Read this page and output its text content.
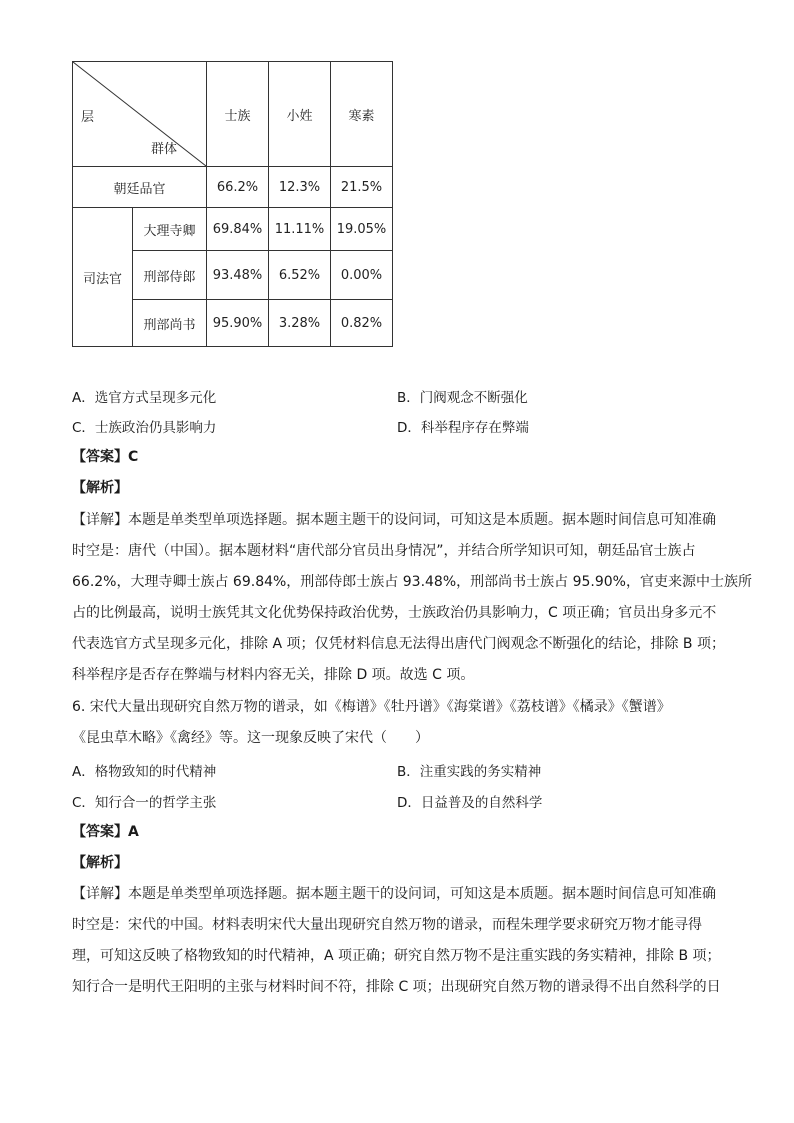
层
群体		士族	小姓	寒素
朝廷品官		66.2%	12.3%	21.5%
司法官	大理寺卿	69.84%	11.11%	19.05%
	刑部侍郎	93.48%	6.52%	0.00%
	刑部尚书	95.90%	3.28%	0.82%
A．选官方式呈现多元化	B．门阀观念不断强化
C．士族政治仍具影响力	D．科举程序存在弊端
【答案】C
【解析】
【详解】本题是单类型单项选择题。据本题主题干的设问词，可知这是本质题。据本题时间信息可知准确
时空是：唐代（中国）。据本题材料“唐代部分官员出身情况”，并结合所学知识可知，朝廷品官士族占
66.2%，大理寺卿士族占 69.84%，刑部侍郎士族占 93.48%，刑部尚书士族占 95.90%，官吏来源中士族所
占的比例最高，说明士族凭其文化优势保持政治优势，士族政治仍具影响力，C 项正确；官员出身多元不
代表选官方式呈现多元化，排除 A 项；仅凭材料信息无法得出唐代门阀观念不断强化的结论，排除 B 项；
科举程序是否存在弊端与材料内容无关，排除 D 项。故选 C 项。
6. 宋代大量出现研究自然万物的谱录，如《梅谱》《牡丹谱》《海棠谱》《荔枝谱》《橘录》《蟹谱》
《昆虫草木略》《禽经》等。这一现象反映了宋代（　　）
A．格物致知的时代精神	B．注重实践的务实精神
C．知行合一的哲学主张	D．日益普及的自然科学
【答案】A
【解析】
【详解】本题是单类型单项选择题。据本题主题干的设问词，可知这是本质题。据本题时间信息可知准确
时空是：宋代的中国。材料表明宋代大量出现研究自然万物的谱录，而程朱理学要求研究万物才能寻得
理，可知这反映了格物致知的时代精神，A 项正确；研究自然万物不是注重实践的务实精神，排除 B 项；
知行合一是明代王阳明的主张与材料时间不符，排除 C 项；出现研究自然万物的谱录得不出自然科学的日
